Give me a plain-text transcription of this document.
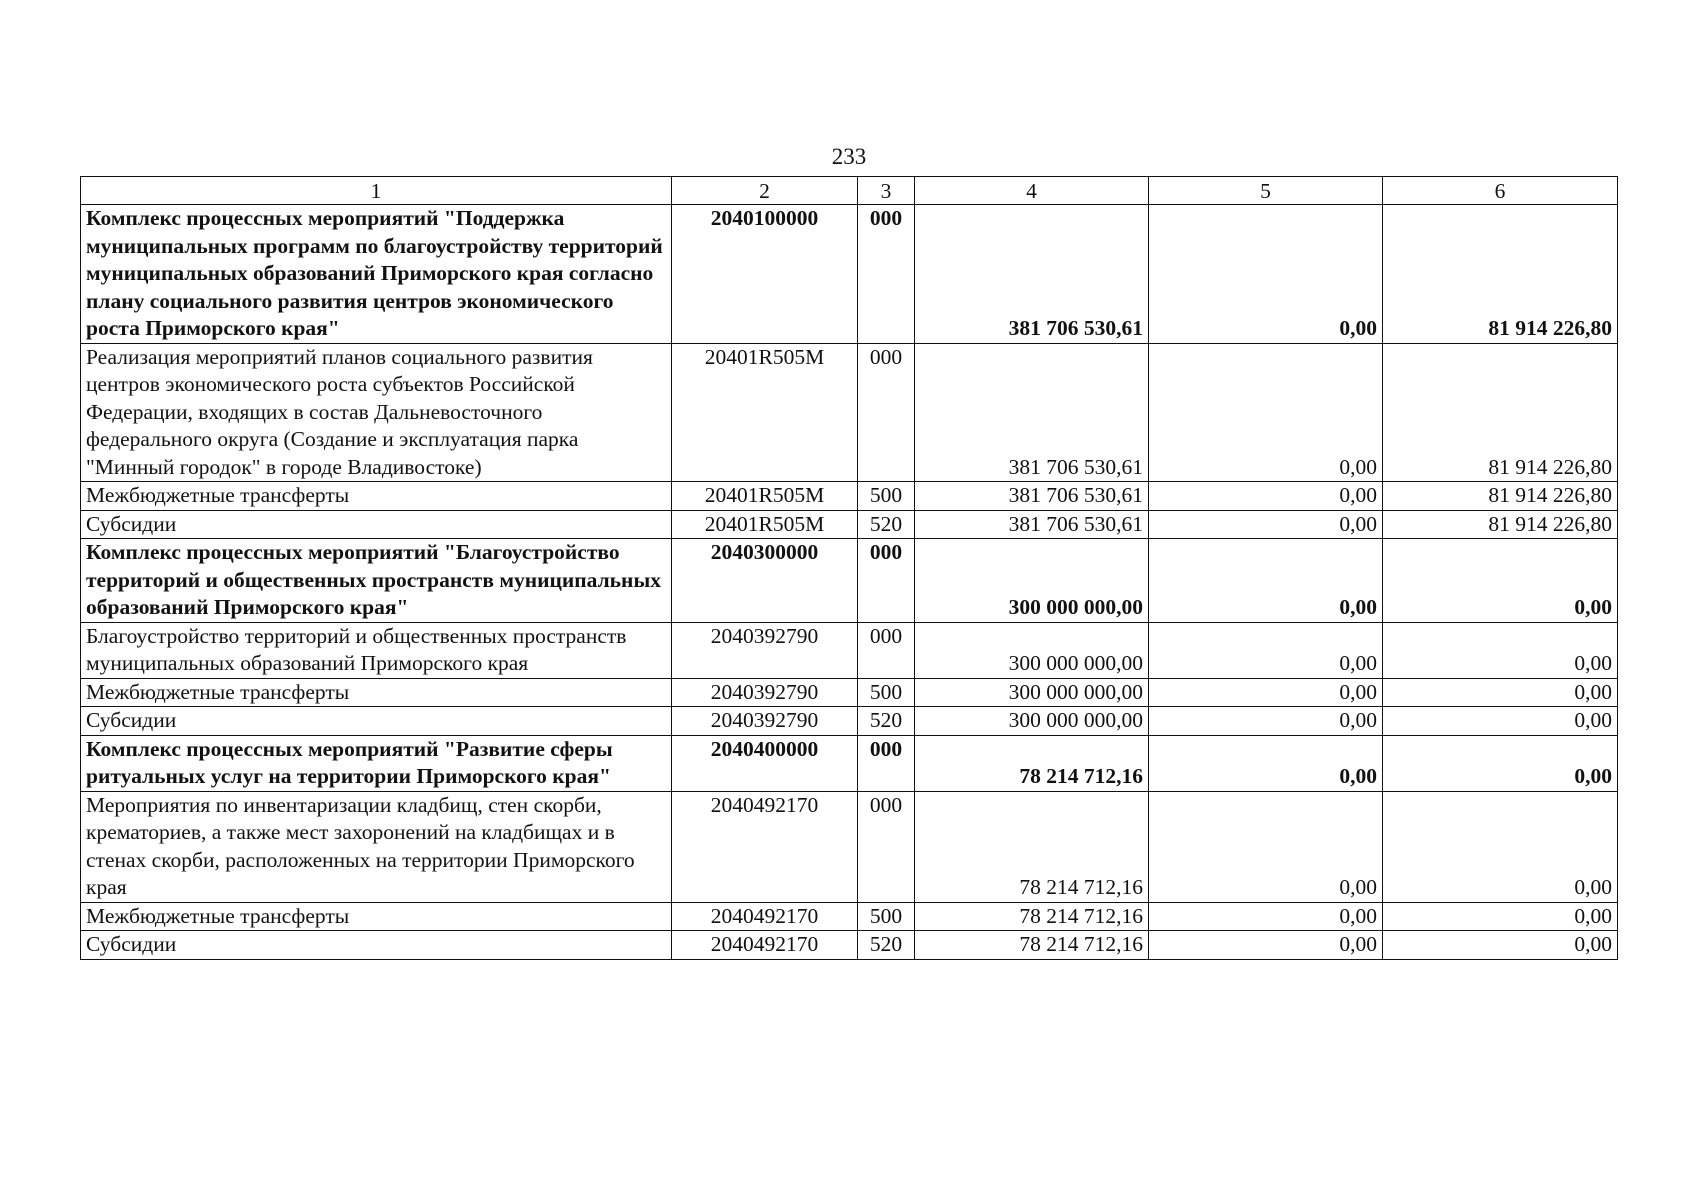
233
1	2	3	4	5	6
Комплекс процессных мероприятий "Поддержка муниципальных программ по благоустройству территорий муниципальных образований Приморского края согласно плану социального развития центров экономического роста Приморского края"	2040100000	000	381 706 530,61	0,00	81 914 226,80
Реализация мероприятий планов социального развития центров экономического роста субъектов Российской Федерации, входящих в состав Дальневосточного федерального округа (Создание и эксплуатация парка "Минный городок" в городе Владивостоке)	20401R505M	000	381 706 530,61	0,00	81 914 226,80
Межбюджетные трансферты	20401R505M	500	381 706 530,61	0,00	81 914 226,80
Субсидии	20401R505M	520	381 706 530,61	0,00	81 914 226,80
Комплекс процессных мероприятий "Благоустройство территорий и общественных пространств муниципальных образований Приморского края"	2040300000	000	300 000 000,00	0,00	0,00
Благоустройство территорий и общественных пространств муниципальных образований Приморского края	2040392790	000	300 000 000,00	0,00	0,00
Межбюджетные трансферты	2040392790	500	300 000 000,00	0,00	0,00
Субсидии	2040392790	520	300 000 000,00	0,00	0,00
Комплекс процессных мероприятий "Развитие сферы ритуальных услуг на территории Приморского края"	2040400000	000	78 214 712,16	0,00	0,00
Мероприятия по инвентаризации кладбищ, стен скорби, крематориев, а также мест захоронений на кладбищах и в стенах скорби, расположенных на территории Приморского края	2040492170	000	78 214 712,16	0,00	0,00
Межбюджетные трансферты	2040492170	500	78 214 712,16	0,00	0,00
Субсидии	2040492170	520	78 214 712,16	0,00	0,00
